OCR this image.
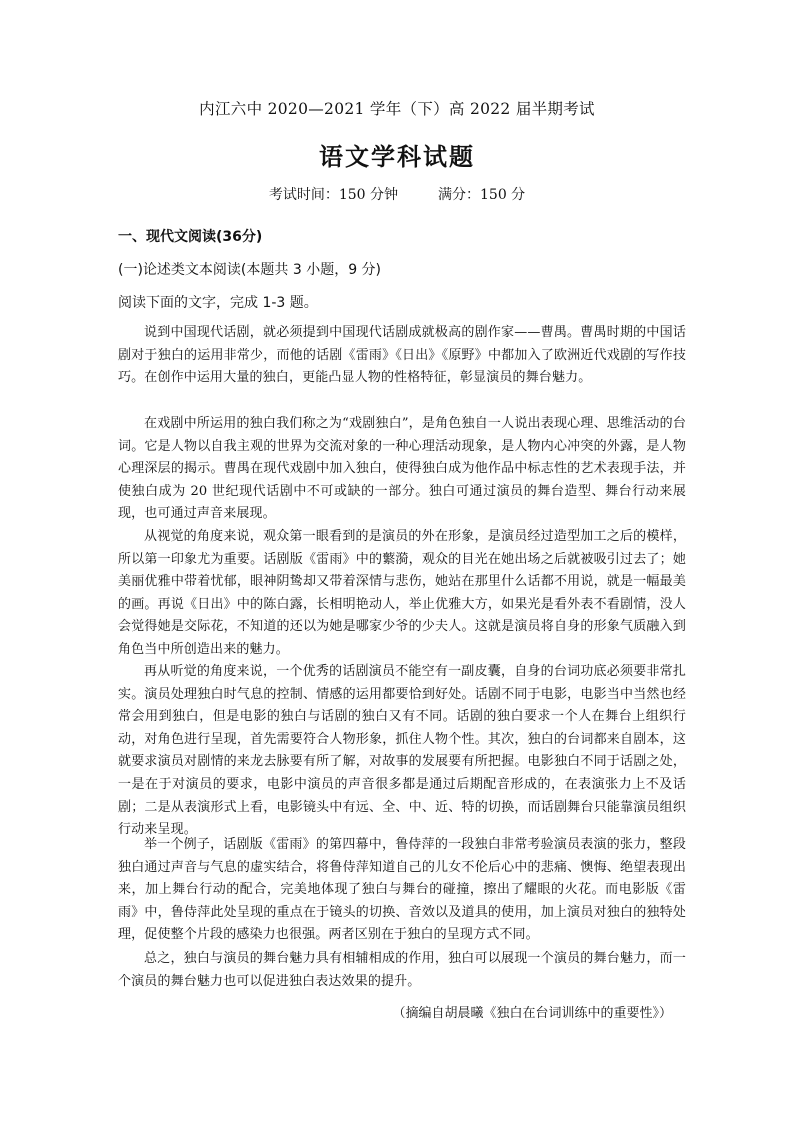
内江六中 2020—2021 学年（下）高 2022 届半期考试
语文学科试题
考试时间：150 分钟	满分：150 分
一、现代文阅读(36分)
(一)论述类文本阅读(本题共 3 小题，9 分)
阅读下面的文字，完成 1-3 题。
说到中国现代话剧，就必须提到中国现代话剧成就极高的剧作家——曹禺。曹禺时期的中国话剧对于独白的运用非常少，而他的话剧《雷雨》《日出》《原野》中都加入了欧洲近代戏剧的写作技巧。在创作中运用大量的独白，更能凸显人物的性格特征，彰显演员的舞台魅力。
在戏剧中所运用的独白我们称之为“戏剧独白”，是角色独自一人说出表现心理、思维活动的台词。它是人物以自我主观的世界为交流对象的一种心理活动现象，是人物内心冲突的外露，是人物心理深层的揭示。曹禺在现代戏剧中加入独白，使得独白成为他作品中标志性的艺术表现手法，并使独白成为 20 世纪现代话剧中不可或缺的一部分。独白可通过演员的舞台造型、舞台行动来展现，也可通过声音来展现。
从视觉的角度来说，观众第一眼看到的是演员的外在形象，是演员经过造型加工之后的模样，所以第一印象尤为重要。话剧版《雷雨》中的蘩漪，观众的目光在她出场之后就被吸引过去了；她美丽优雅中带着忧郁，眼神阴鸷却又带着深情与悲伤，她站在那里什么话都不用说，就是一幅最美的画。再说《日出》中的陈白露，长相明艳动人，举止优雅大方，如果光是看外表不看剧情，没人会觉得她是交际花，不知道的还以为她是哪家少爷的少夫人。这就是演员将自身的形象气质融入到角色当中所创造出来的魅力。
再从听觉的角度来说，一个优秀的话剧演员不能空有一副皮囊，自身的台词功底必须要非常扎实。演员处理独白时气息的控制、情感的运用都要恰到好处。话剧不同于电影，电影当中当然也经常会用到独白，但是电影的独白与话剧的独白又有不同。话剧的独白要求一个人在舞台上组织行动，对角色进行呈现，首先需要符合人物形象，抓住人物个性。其次，独白的台词都来自剧本，这就要求演员对剧情的来龙去脉要有所了解，对故事的发展要有所把握。电影独白不同于话剧之处，一是在于对演员的要求，电影中演员的声音很多都是通过后期配音形成的，在表演张力上不及话剧；二是从表演形式上看，电影镜头中有远、全、中、近、特的切换，而话剧舞台只能靠演员组织行动来呈现。
举一个例子，话剧版《雷雨》的第四幕中，鲁侍萍的一段独白非常考验演员表演的张力，整段独白通过声音与气息的虚实结合，将鲁侍萍知道自己的儿女不伦后心中的悲痛、懊悔、绝望表现出来，加上舞台行动的配合，完美地体现了独白与舞台的碰撞，擦出了耀眼的火花。而电影版《雷雨》中，鲁侍萍此处呈现的重点在于镜头的切换、音效以及道具的使用，加上演员对独白的独特处理，促使整个片段的感染力也很强。两者区别在于独白的呈现方式不同。
总之，独白与演员的舞台魅力具有相辅相成的作用，独白可以展现一个演员的舞台魅力，而一个演员的舞台魅力也可以促进独白表达效果的提升。
（摘编自胡晨曦《独白在台词训练中的重要性》）
